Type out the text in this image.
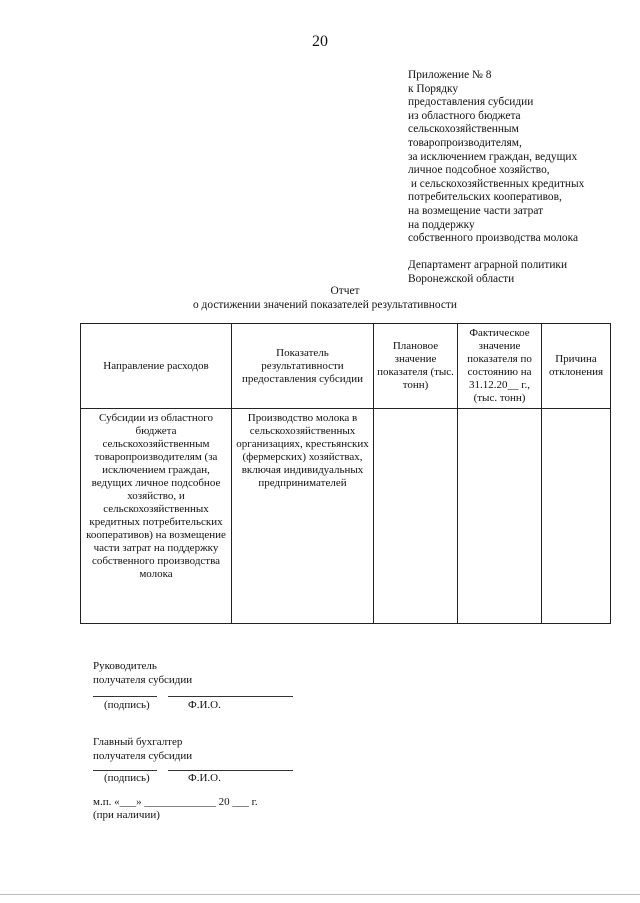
20
Приложение № 8
к Порядку
предоставления субсидии
из областного бюджета
сельскохозяйственным
товаропроизводителям,
за исключением граждан, ведущих
личное подсобное хозяйство,
и сельскохозяйственных кредитных
потребительских кооперативов,
на возмещение части затрат
на поддержку
собственного производства молока
Департамент аграрной политики
Воронежской области
Отчет
о достижении значений показателей результативности
Направление расходов	Показатель результативности предоставления субсидии	Плановое значение показателя (тыс. тонн)	Фактическое значение показателя по состоянию на 31.12.20__ г., (тыс. тонн)	Причина отклонения
Субсидии из областного бюджета сельскохозяйственным товаропроизводителям (за исключением граждан, ведущих личное подсобное хозяйство, и сельскохозяйственных кредитных потребительских кооперативов) на возмещение части затрат на поддержку собственного производства молока	Производство молока в сельскохозяйственных организациях, крестьянских (фермерских) хозяйствах, включая индивидуальных предпринимателей			
Руководитель
получателя субсидии
(подпись)	Ф.И.О.
Главный бухгалтер
получателя субсидии
(подпись)	Ф.И.О.
м.п. «___» _____________ 20 ___ г.
(при наличии)
